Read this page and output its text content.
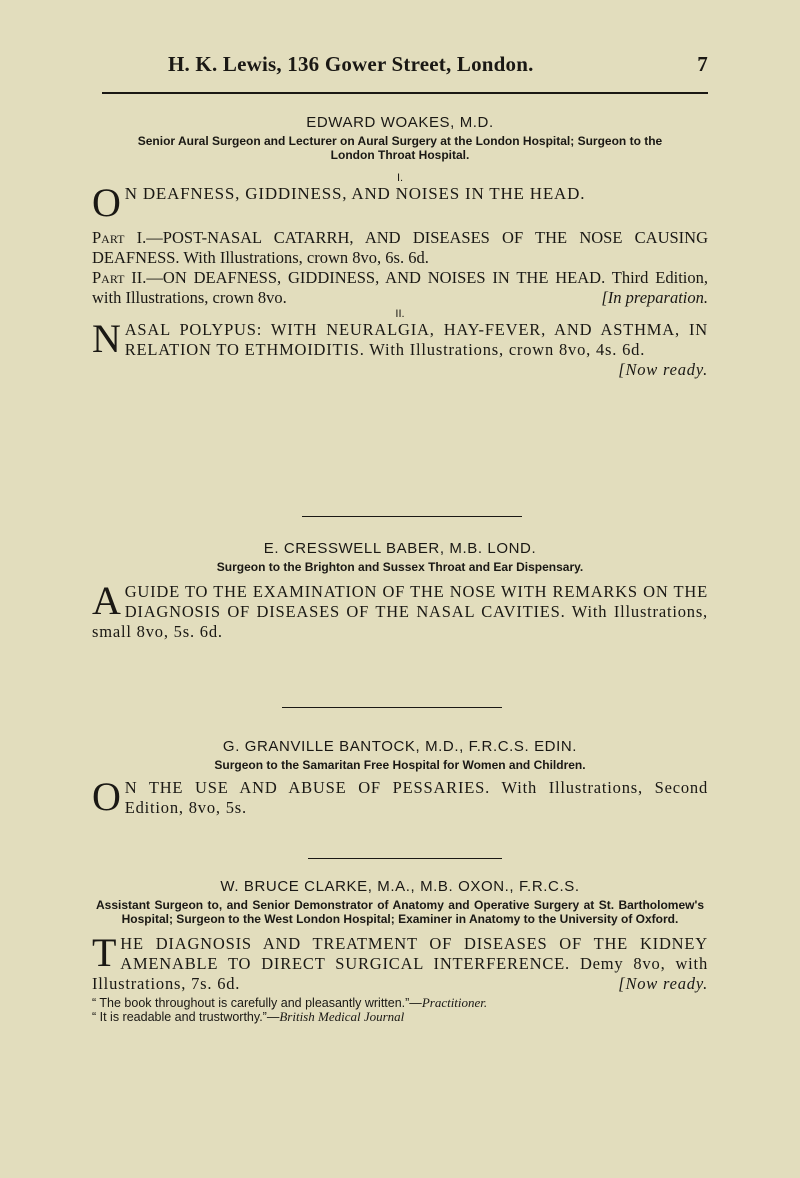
H. K. Lewis, 136 Gower Street, London.	7
EDWARD WOAKES, M.D.
Senior Aural Surgeon and Lecturer on Aural Surgery at the London Hospital; Surgeon to the London Throat Hospital.
I.
O N DEAFNESS, GIDDINESS, AND NOISES IN THE HEAD.
Part I.—POST-NASAL CATARRH, AND DISEASES OF THE NOSE CAUSING DEAFNESS. With Illustrations, crown 8vo, 6s. 6d.
Part II.—ON DEAFNESS, GIDDINESS, AND NOISES IN THE HEAD. Third Edition, with Illustrations, crown 8vo.	[In preparation.
II.
NASAL POLYPUS: WITH NEURALGIA, HAY-FEVER, AND ASTHMA, IN RELATION TO ETHMOIDITIS. With Illustrations, crown 8vo, 4s. 6d.
[Now ready.
E. CRESSWELL BABER, M.B. LOND.
Surgeon to the Brighton and Sussex Throat and Ear Dispensary.
A GUIDE TO THE EXAMINATION OF THE NOSE WITH REMARKS ON THE DIAGNOSIS OF DISEASES OF THE NASAL CAVITIES. With Illustrations, small 8vo, 5s. 6d.
G. GRANVILLE BANTOCK, M.D., F.R.C.S. EDIN.
Surgeon to the Samaritan Free Hospital for Women and Children.
O N THE USE AND ABUSE OF PESSARIES. With Illustrations, Second Edition, 8vo, 5s.
W. BRUCE CLARKE, M.A., M.B. OXON., F.R.C.S.
Assistant Surgeon to, and Senior Demonstrator of Anatomy and Operative Surgery at St. Bartholomew's Hospital; Surgeon to the West London Hospital; Examiner in Anatomy to the University of Oxford.
THE DIAGNOSIS AND TREATMENT OF DISEASES OF THE KIDNEY AMENABLE TO DIRECT SURGICAL INTERFERENCE. Demy 8vo, with Illustrations, 7s. 6d.	[Now ready.
“ The book throughout is carefully and pleasantly written.”—Practitioner.
“ It is readable and trustworthy.”—British Medical Journal
